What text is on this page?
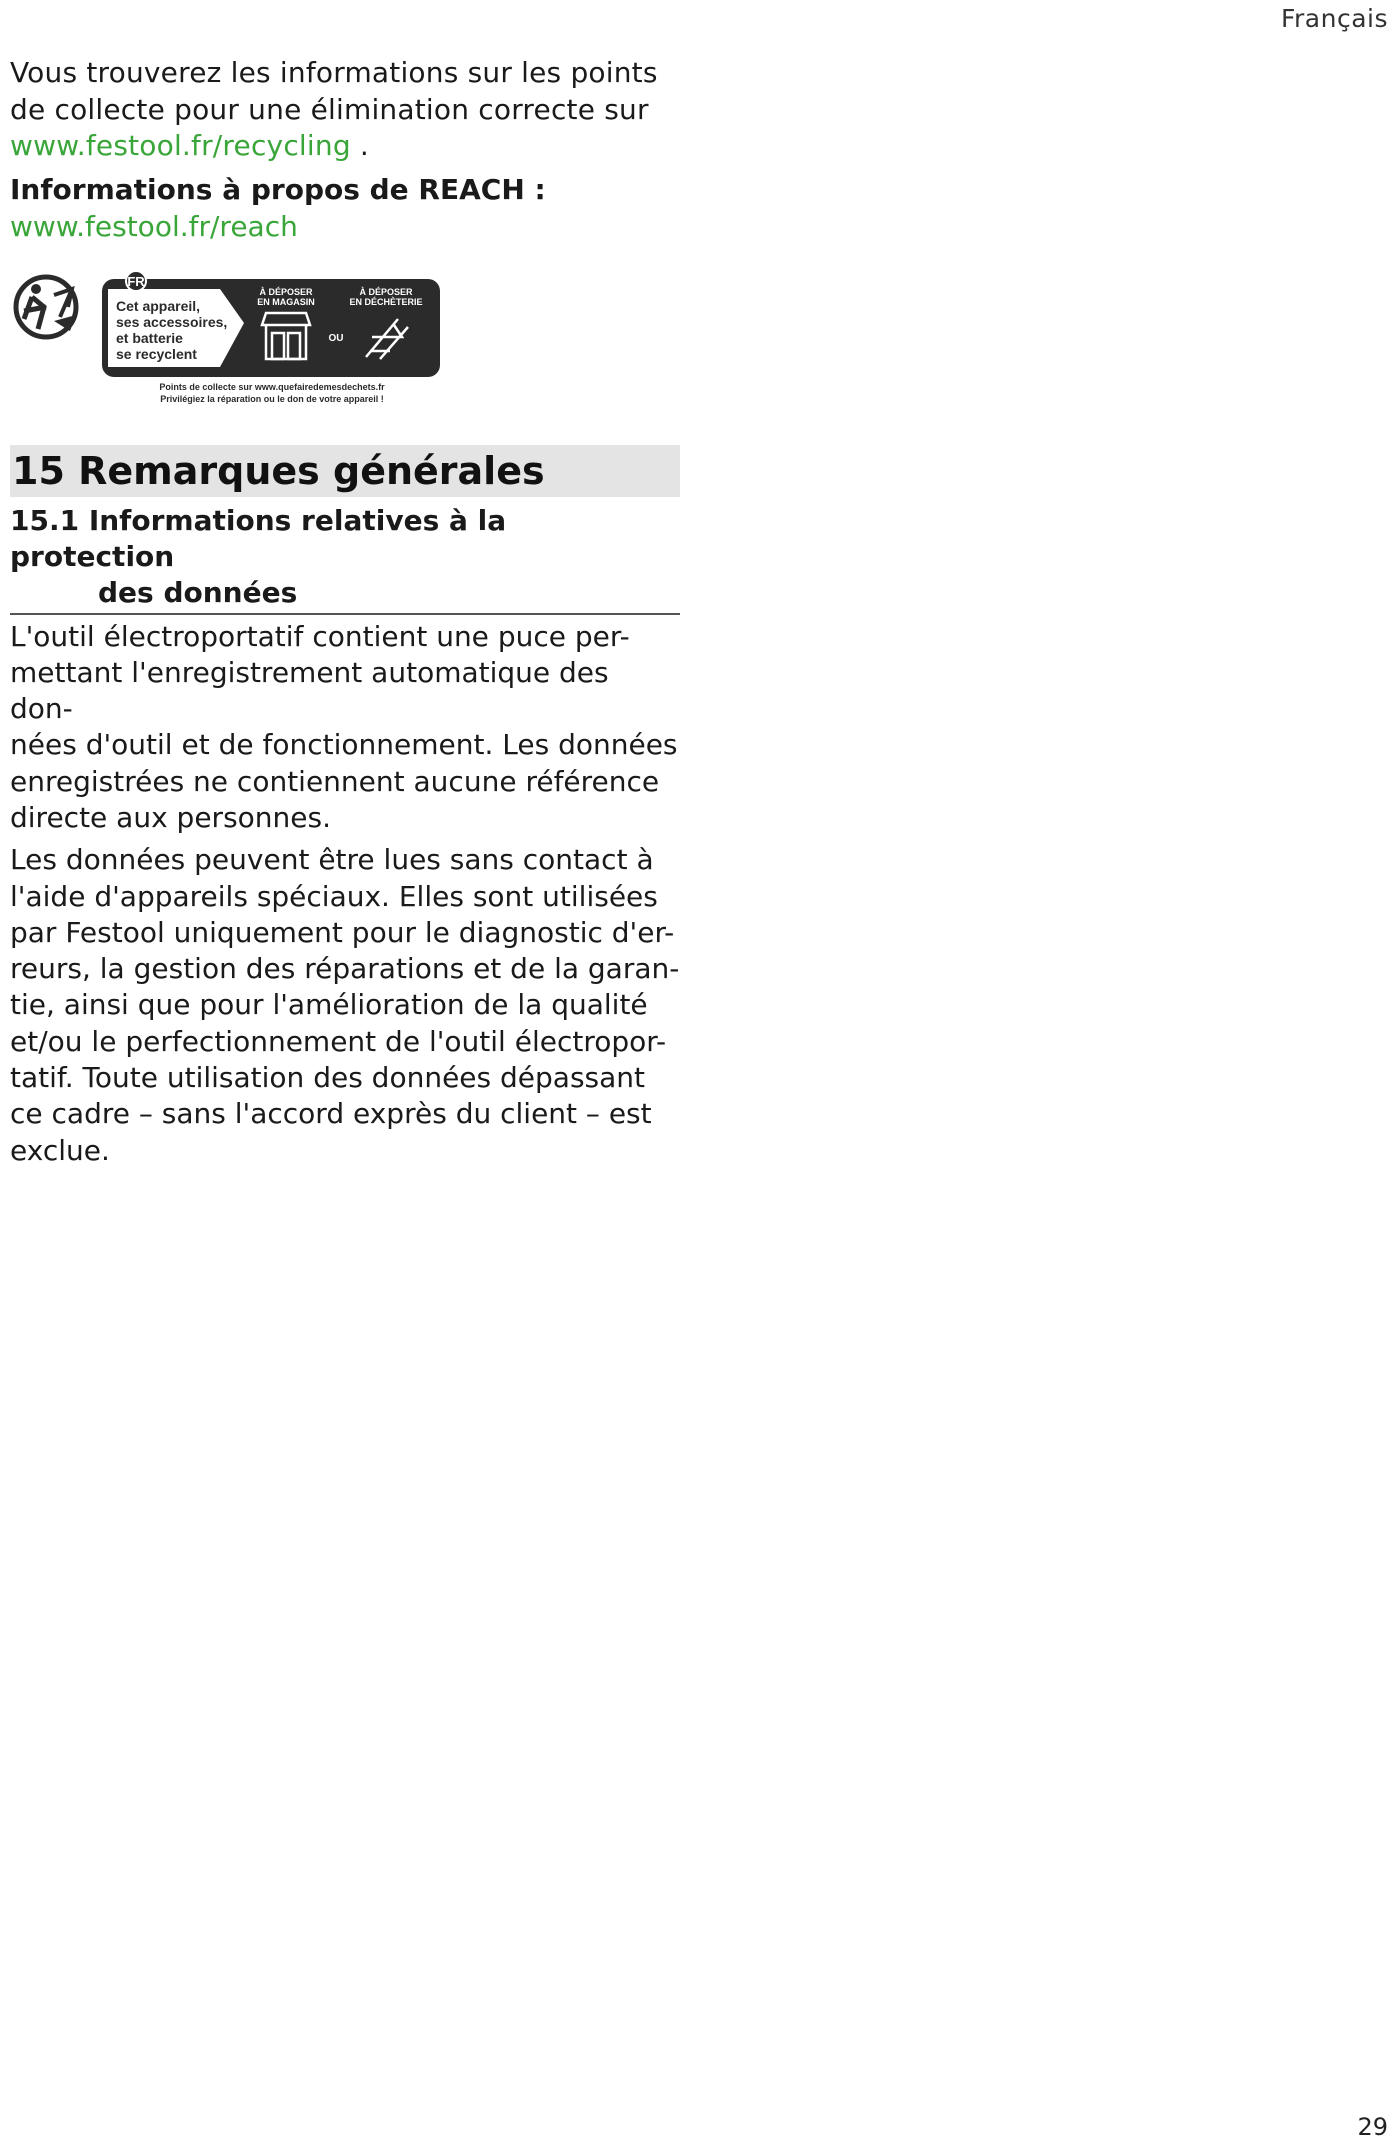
Français

Vous trouverez les informations sur les points
de collecte pour une élimination correcte sur
www.festool.fr/recycling .

Informations à propos de REACH :
www.festool.fr/reach
FR
Cet appareil,
ses accessoires,
et batterie
se recyclent
À DÉPOSER
EN MAGASIN
À DÉPOSER
EN DÉCHÈTERIE
OU
Points de collecte sur www.quefairedemesdechets.fr
Privilégiez la réparation ou le don de votre appareil !
15 Remarques générales
15.1 Informations relatives à la protection
des données

L'outil électroportatif contient une puce per-
mettant l'enregistrement automatique des don-
nées d'outil et de fonctionnement. Les données
enregistrées ne contiennent aucune référence
directe aux personnes.

Les données peuvent être lues sans contact à
l'aide d'appareils spéciaux. Elles sont utilisées
par Festool uniquement pour le diagnostic d'er-
reurs, la gestion des réparations et de la garan-
tie, ainsi que pour l'amélioration de la qualité
et/ou le perfectionnement de l'outil électropor-
tatif. Toute utilisation des données dépassant
ce cadre – sans l'accord exprès du client – est
exclue.

29
